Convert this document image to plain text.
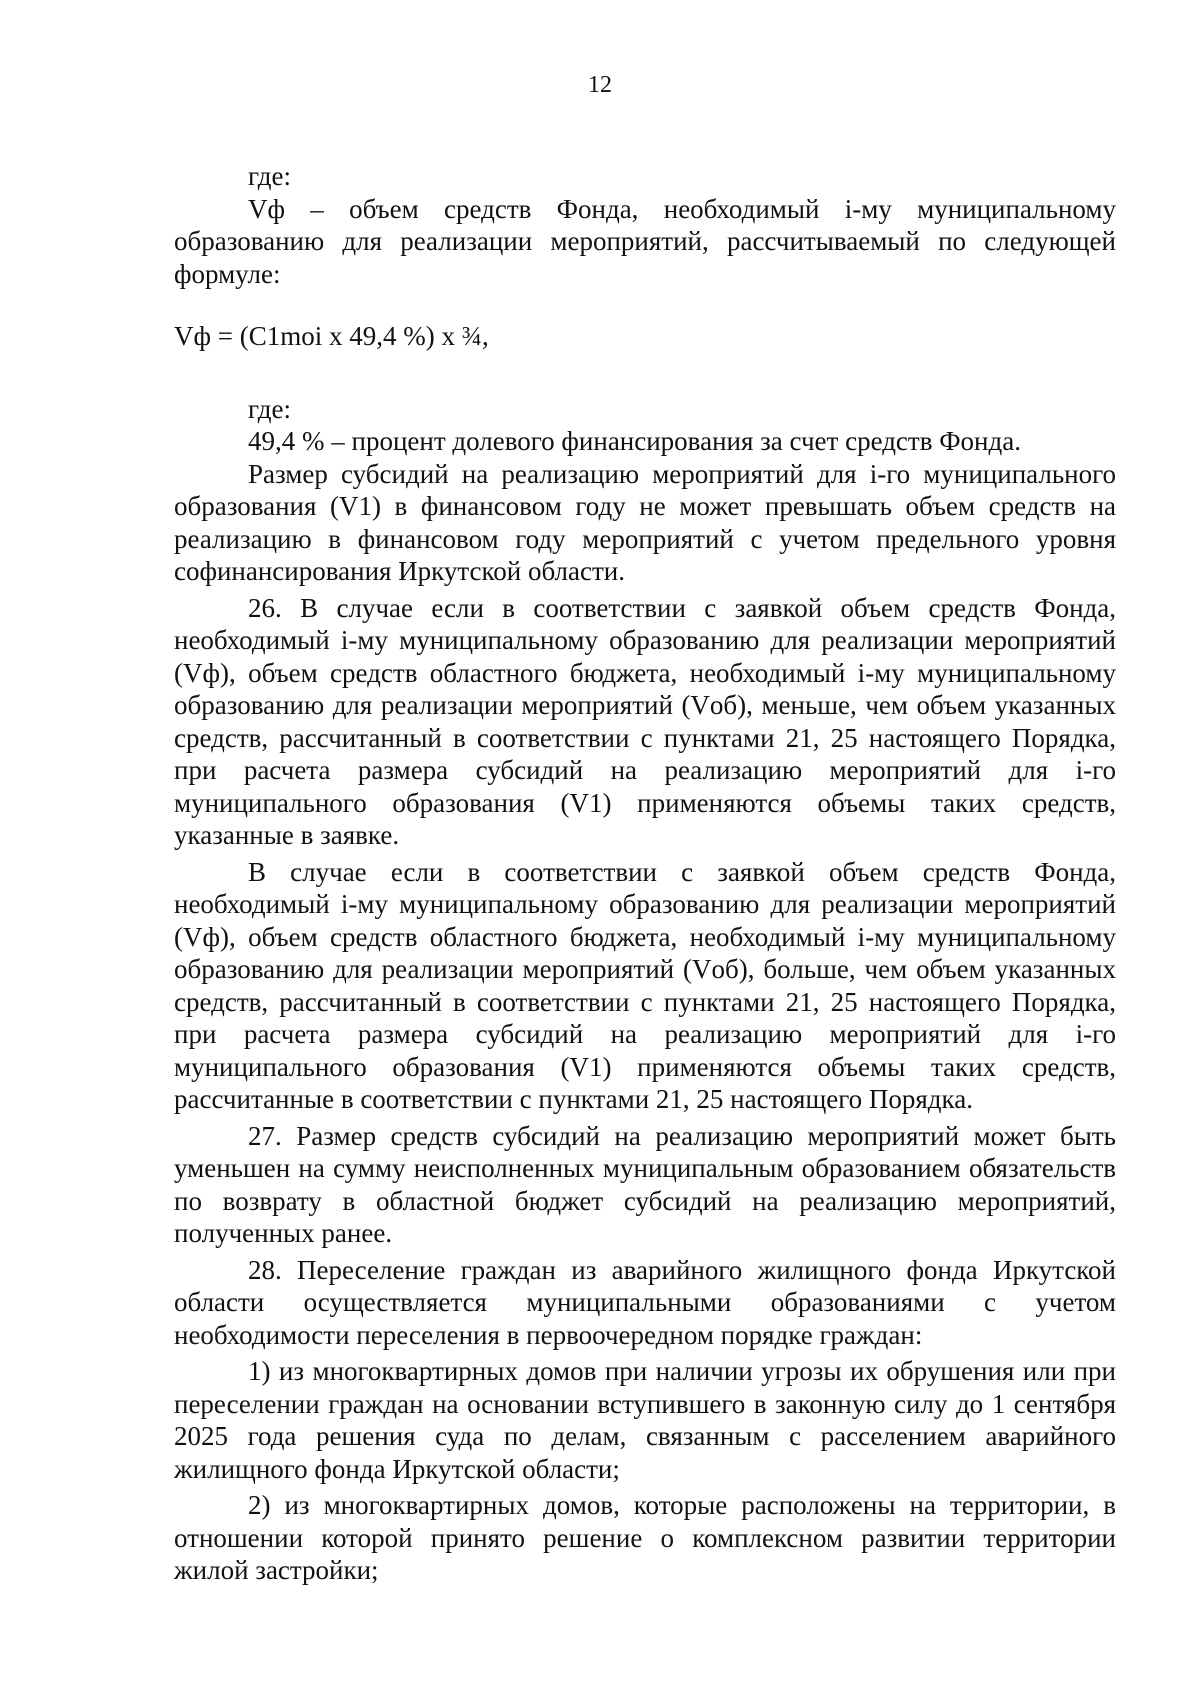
12

где:

Vф – объем средств Фонда, необходимый i-му муниципальному образованию для реализации мероприятий, рассчитываемый по следующей формуле:

Vф = (C1moi х 49,4 %) х ¾,

где:

49,4 % – процент долевого финансирования за счет средств Фонда.

Размер субсидий на реализацию мероприятий для i-го муниципального образования (V1) в финансовом году не может превышать объем средств на реализацию в финансовом году мероприятий с учетом предельного уровня софинансирования Иркутской области.

26. В случае если в соответствии с заявкой объем средств Фонда, необходимый i-му муниципальному образованию для реализации мероприятий (Vф), объем средств областного бюджета, необходимый i-му муниципальному образованию для реализации мероприятий (Vоб), меньше, чем объем указанных средств, рассчитанный в соответствии с пунктами 21, 25 настоящего Порядка, при расчета размера субсидий на реализацию мероприятий для i-го муниципального образования (V1) применяются объемы таких средств, указанные в заявке.

В случае если в соответствии с заявкой объем средств Фонда, необходимый i-му муниципальному образованию для реализации мероприятий (Vф), объем средств областного бюджета, необходимый i-му муниципальному образованию для реализации мероприятий (Vоб), больше, чем объем указанных средств, рассчитанный в соответствии с пунктами 21, 25 настоящего Порядка, при расчета размера субсидий на реализацию мероприятий для i-го муниципального образования (V1) применяются объемы таких средств, рассчитанные в соответствии с пунктами 21, 25 настоящего Порядка.

27. Размер средств субсидий на реализацию мероприятий может быть уменьшен на сумму неисполненных муниципальным образованием обязательств по возврату в областной бюджет субсидий на реализацию мероприятий, полученных ранее.

28. Переселение граждан из аварийного жилищного фонда Иркутской области осуществляется муниципальными образованиями с учетом необходимости переселения в первоочередном порядке граждан:

1) из многоквартирных домов при наличии угрозы их обрушения или при переселении граждан на основании вступившего в законную силу до 1 сентября 2025 года решения суда по делам, связанным с расселением аварийного жилищного фонда Иркутской области;

2) из многоквартирных домов, которые расположены на территории, в отношении которой принято решение о комплексном развитии территории жилой застройки;
